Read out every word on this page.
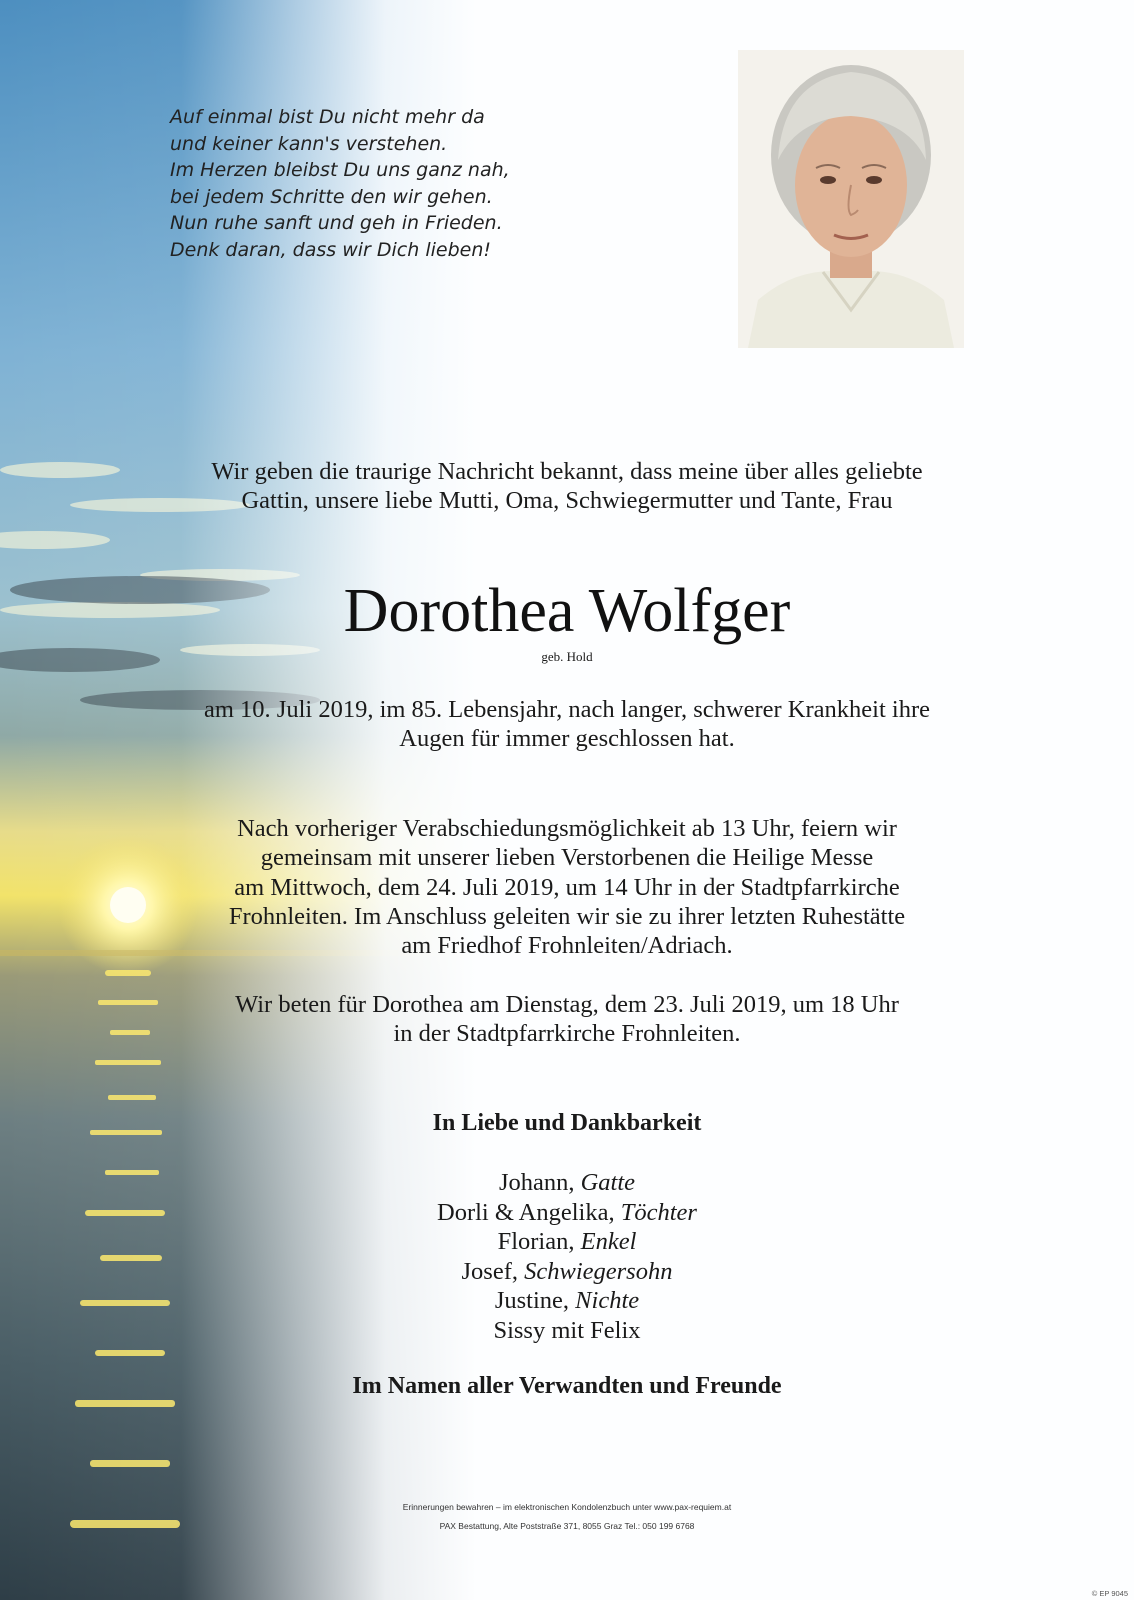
Auf einmal bist Du nicht mehr da
und keiner kann's verstehen.
Im Herzen bleibst Du uns ganz nah,
bei jedem Schritte den wir gehen.
Nun ruhe sanft und geh in Frieden.
Denk daran, dass wir Dich lieben!
Wir geben die traurige Nachricht bekannt, dass meine über alles geliebte
Gattin, unsere liebe Mutti, Oma, Schwiegermutter und Tante, Frau
Dorothea Wolfger
geb. Hold
am 10. Juli 2019, im 85. Lebensjahr, nach langer, schwerer Krankheit ihre
Augen für immer geschlossen hat.
Nach vorheriger Verabschiedungsmöglichkeit ab 13 Uhr, feiern wir
gemeinsam mit unserer lieben Verstorbenen die Heilige Messe
am Mittwoch, dem 24. Juli 2019, um 14 Uhr in der Stadtpfarrkirche
Frohnleiten. Im Anschluss geleiten wir sie zu ihrer letzten Ruhestätte
am Friedhof Frohnleiten/Adriach.
Wir beten für Dorothea am Dienstag, dem 23. Juli 2019, um 18 Uhr
in der Stadtpfarrkirche Frohnleiten.
In Liebe und Dankbarkeit
Johann, Gatte
Dorli & Angelika, Töchter
Florian, Enkel
Josef, Schwiegersohn
Justine, Nichte
Sissy mit Felix
Im Namen aller Verwandten und Freunde
Erinnerungen bewahren – im elektronischen Kondolenzbuch unter www.pax-requiem.at
PAX Bestattung, Alte Poststraße 371, 8055 Graz Tel.: 050 199 6768
© EP 9045
